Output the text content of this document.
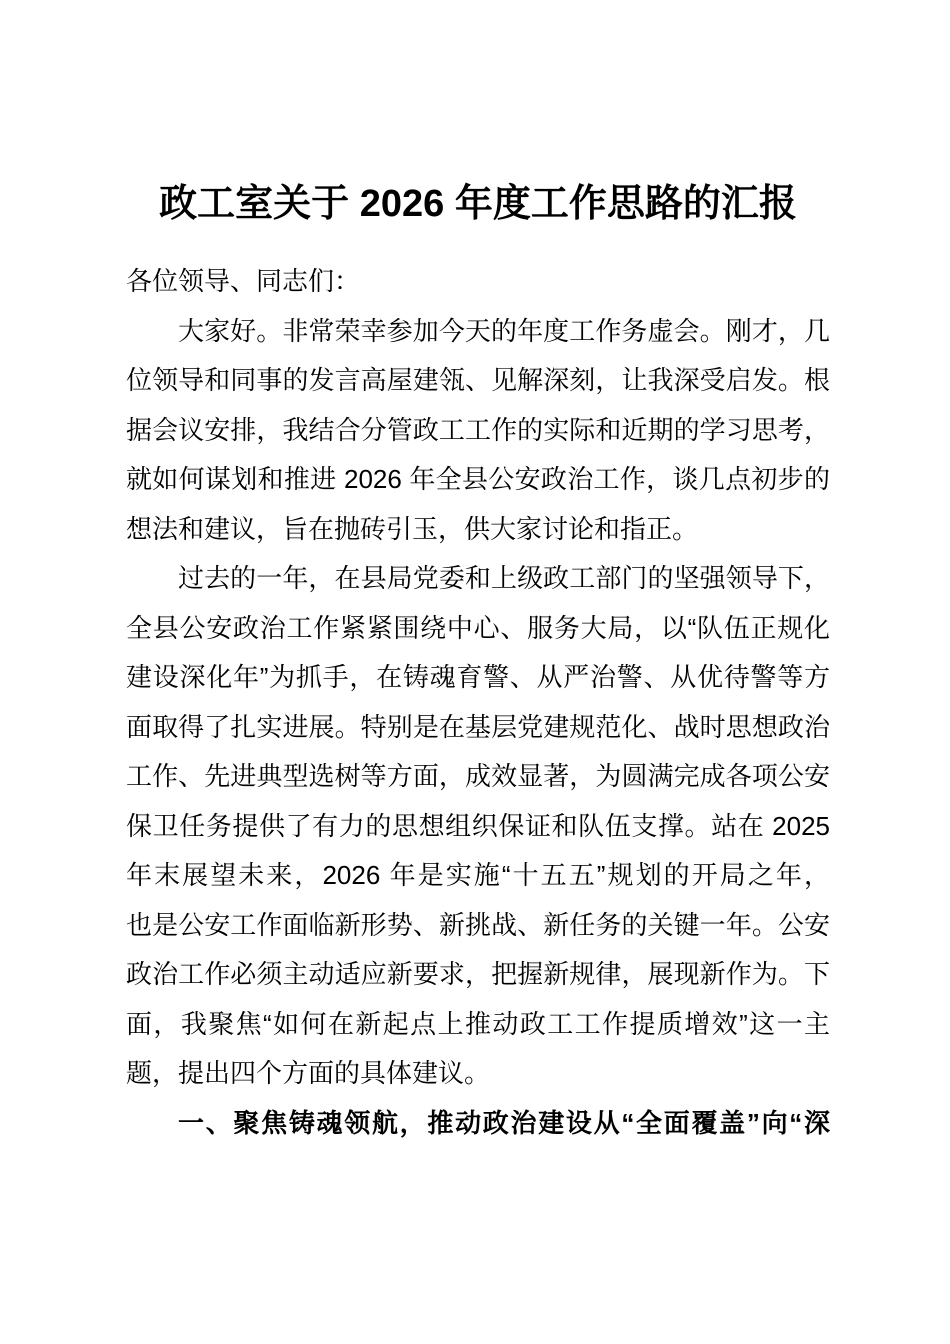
政工室关于 2026 年度工作思路的汇报
各位领导、同志们：
大家好。非常荣幸参加今天的年度工作务虚会。刚才，几
位领导和同事的发言高屋建瓴、见解深刻，让我深受启发。根
据会议安排，我结合分管政工工作的实际和近期的学习思考，
就如何谋划和推进 2026 年全县公安政治工作，谈几点初步的
想法和建议，旨在抛砖引玉，供大家讨论和指正。
过去的一年，在县局党委和上级政工部门的坚强领导下，
全县公安政治工作紧紧围绕中心、服务大局，以“队伍正规化
建设深化年”为抓手，在铸魂育警、从严治警、从优待警等方
面取得了扎实进展。特别是在基层党建规范化、战时思想政治
工作、先进典型选树等方面，成效显著，为圆满完成各项公安
保卫任务提供了有力的思想组织保证和队伍支撑。站在 2025
年末展望未来，2026 年是实施“十五五”规划的开局之年，
也是公安工作面临新形势、新挑战、新任务的关键一年。公安
政治工作必须主动适应新要求，把握新规律，展现新作为。下
面，我聚焦“如何在新起点上推动政工工作提质增效”这一主
题，提出四个方面的具体建议。
一、聚焦铸魂领航，推动政治建设从“全面覆盖”向“深
